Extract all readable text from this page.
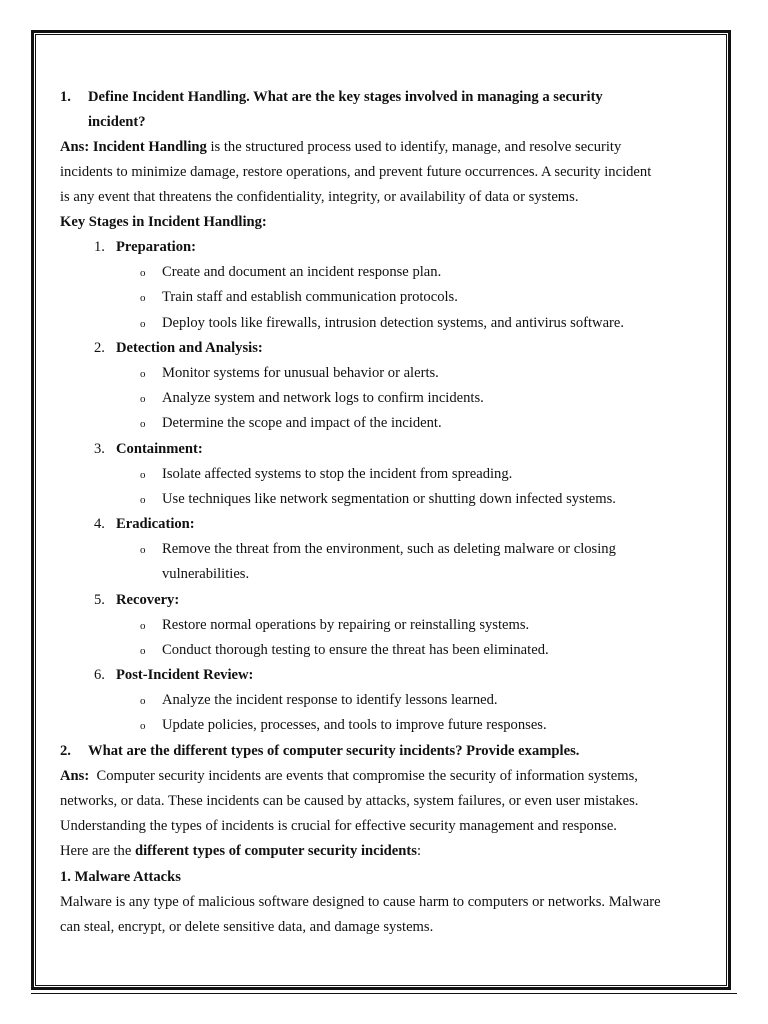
1. Define Incident Handling. What are the key stages involved in managing a security
incident?
Ans: Incident Handling is the structured process used to identify, manage, and resolve security
incidents to minimize damage, restore operations, and prevent future occurrences. A security incident
is any event that threatens the confidentiality, integrity, or availability of data or systems.
Key Stages in Incident Handling:
1. Preparation:
o Create and document an incident response plan.
o Train staff and establish communication protocols.
o Deploy tools like firewalls, intrusion detection systems, and antivirus software.
2. Detection and Analysis:
o Monitor systems for unusual behavior or alerts.
o Analyze system and network logs to confirm incidents.
o Determine the scope and impact of the incident.
3. Containment:
o Isolate affected systems to stop the incident from spreading.
o Use techniques like network segmentation or shutting down infected systems.
4. Eradication:
o Remove the threat from the environment, such as deleting malware or closing
vulnerabilities.
5. Recovery:
o Restore normal operations by repairing or reinstalling systems.
o Conduct thorough testing to ensure the threat has been eliminated.
6. Post-Incident Review:
o Analyze the incident response to identify lessons learned.
o Update policies, processes, and tools to improve future responses.
2. What are the different types of computer security incidents? Provide examples.
Ans:  Computer security incidents are events that compromise the security of information systems,
networks, or data. These incidents can be caused by attacks, system failures, or even user mistakes.
Understanding the types of incidents is crucial for effective security management and response.
Here are the different types of computer security incidents:
1. Malware Attacks
Malware is any type of malicious software designed to cause harm to computers or networks. Malware
can steal, encrypt, or delete sensitive data, and damage systems.
